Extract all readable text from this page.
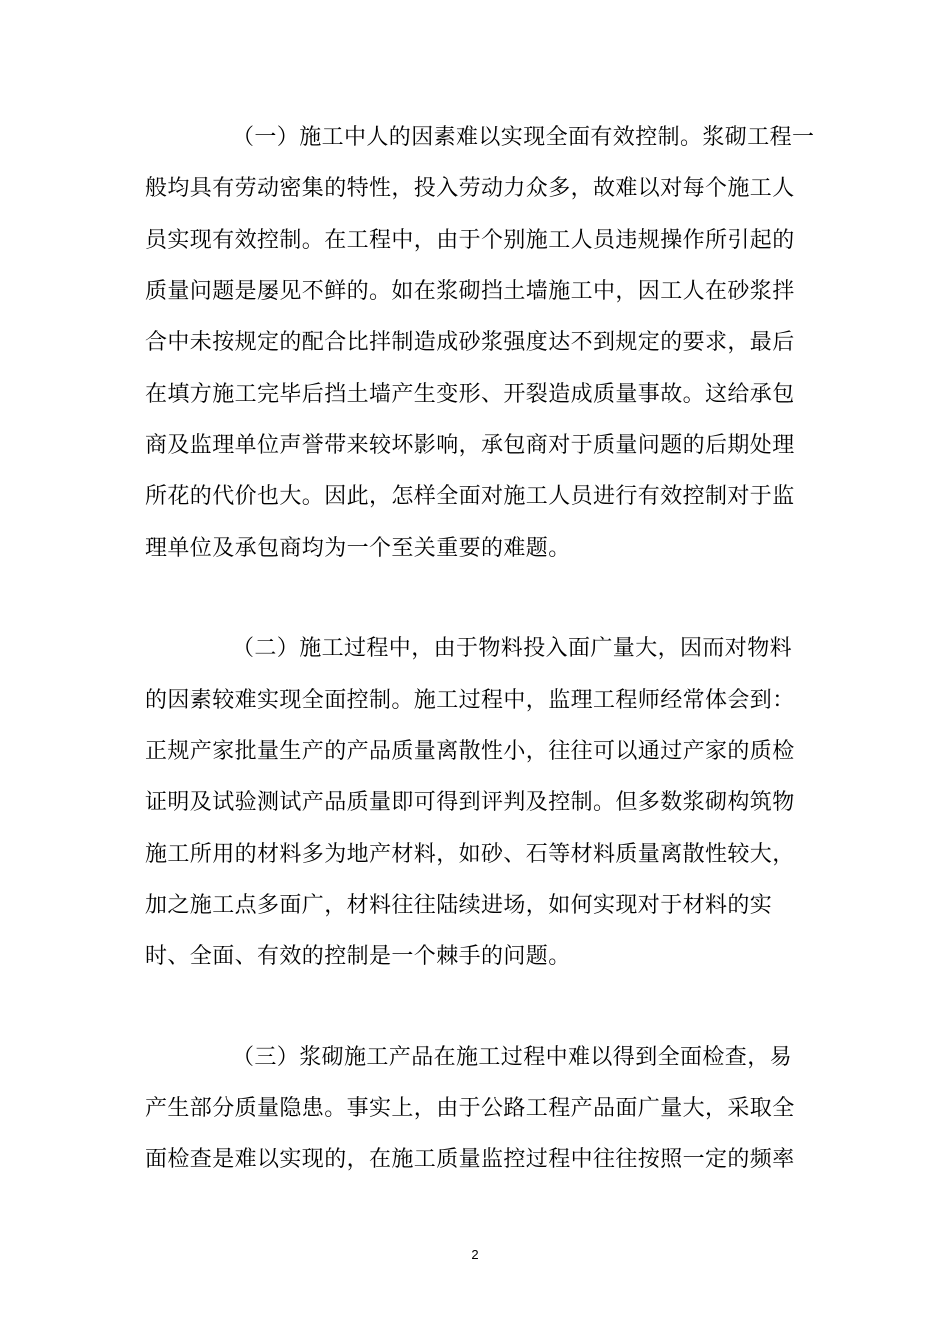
（一）施工中人的因素难以实现全面有效控制。浆砌工程一
般均具有劳动密集的特性，投入劳动力众多，故难以对每个施工人
员实现有效控制。在工程中，由于个别施工人员违规操作所引起的
质量问题是屡见不鲜的。如在浆砌挡土墙施工中，因工人在砂浆拌
合中未按规定的配合比拌制造成砂浆强度达不到规定的要求，最后
在填方施工完毕后挡土墙产生变形、开裂造成质量事故。这给承包
商及监理单位声誉带来较坏影响，承包商对于质量问题的后期处理
所花的代价也大。因此，怎样全面对施工人员进行有效控制对于监
理单位及承包商均为一个至关重要的难题。
（二）施工过程中，由于物料投入面广量大，因而对物料
的因素较难实现全面控制。施工过程中，监理工程师经常体会到：
正规产家批量生产的产品质量离散性小，往往可以通过产家的质检
证明及试验测试产品质量即可得到评判及控制。但多数浆砌构筑物
施工所用的材料多为地产材料，如砂、石等材料质量离散性较大，
加之施工点多面广，材料往往陆续进场，如何实现对于材料的实
时、全面、有效的控制是一个棘手的问题。
（三）浆砌施工产品在施工过程中难以得到全面检查，易
产生部分质量隐患。事实上，由于公路工程产品面广量大，采取全
面检查是难以实现的，在施工质量监控过程中往往按照一定的频率
2
